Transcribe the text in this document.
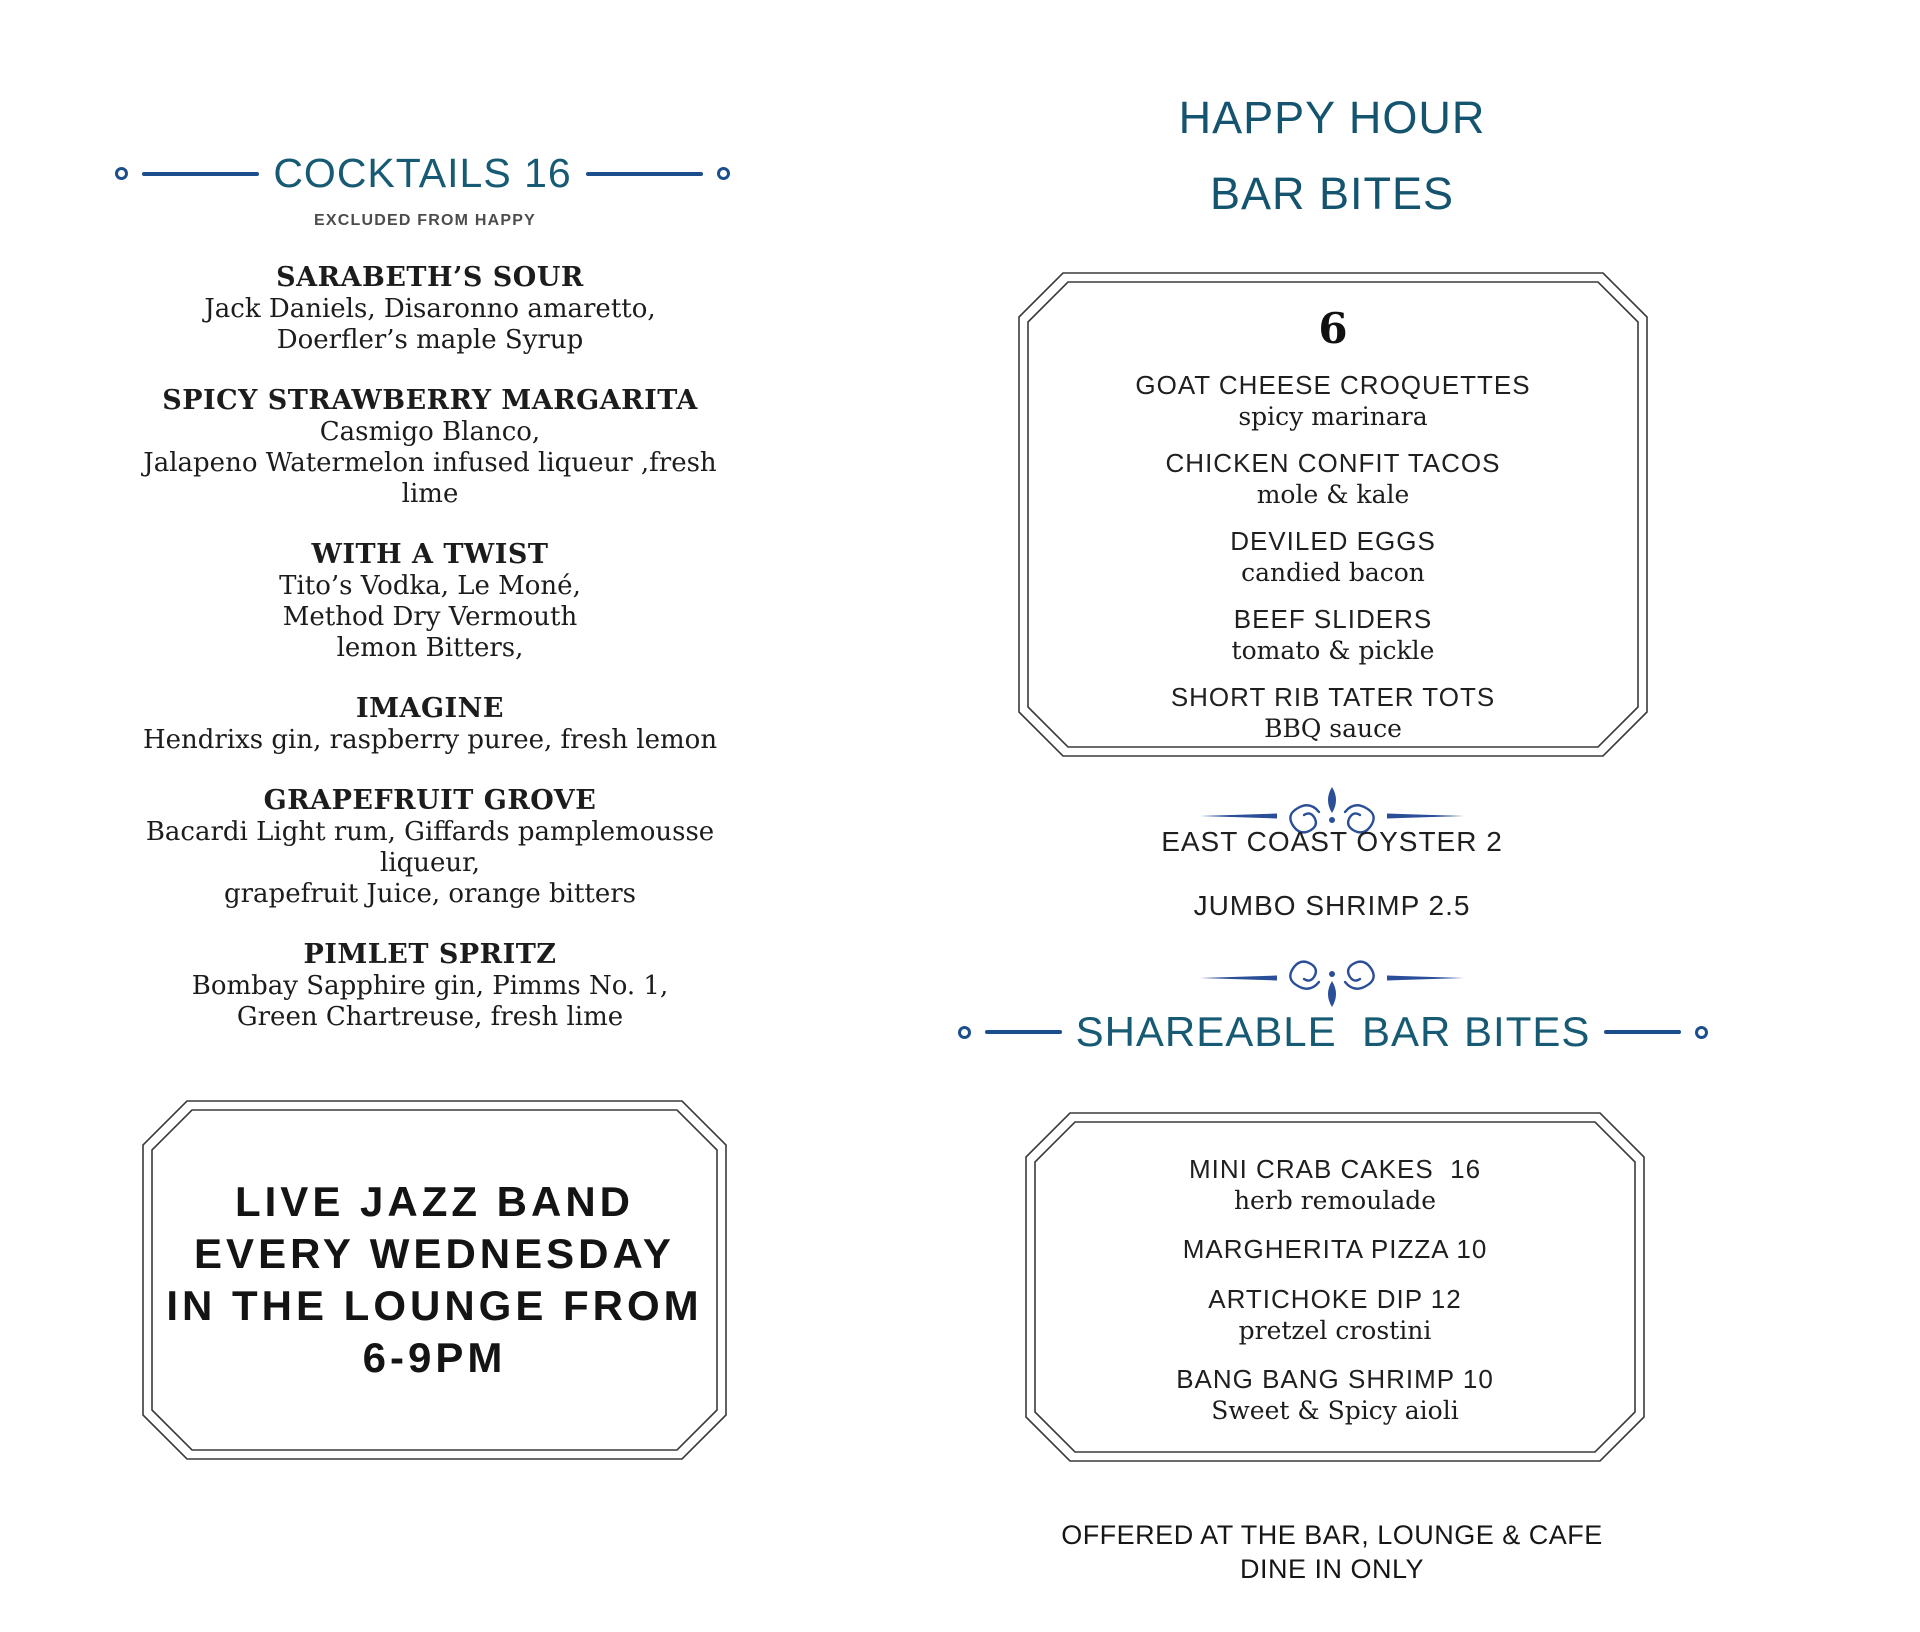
COCKTAILS 16
EXCLUDED FROM HAPPY
SARABETH’S SOUR
Jack Daniels, Disaronno amaretto,
Doerfler’s maple Syrup
SPICY STRAWBERRY MARGARITA
Casmigo Blanco,
Jalapeno Watermelon infused liqueur ,fresh
lime
WITH A TWIST
Tito’s Vodka, Le Moné,
Method Dry Vermouth
lemon Bitters,
IMAGINE
Hendrixs gin, raspberry puree, fresh lemon
GRAPEFRUIT GROVE
Bacardi Light rum, Giffards pamplemousse
liqueur,
grapefruit Juice, orange bitters
PIMLET SPRITZ
Bombay Sapphire gin, Pimms No. 1,
Green Chartreuse, fresh lime
LIVE JAZZ BAND
EVERY WEDNESDAY
IN THE LOUNGE FROM
6-9PM
HAPPY HOUR
BAR BITES
6
GOAT CHEESE CROQUETTES
spicy marinara
CHICKEN CONFIT TACOS
mole & kale
DEVILED EGGS
candied bacon
BEEF SLIDERS
tomato & pickle
SHORT RIB TATER TOTS
BBQ sauce
EAST COAST OYSTER 2
JUMBO SHRIMP 2.5
SHAREABLE  BAR BITES
MINI CRAB CAKES  16
herb remoulade
MARGHERITA PIZZA 10
ARTICHOKE DIP 12
pretzel crostini
BANG BANG SHRIMP 10
Sweet & Spicy aioli
OFFERED AT THE BAR, LOUNGE & CAFE
DINE IN ONLY
